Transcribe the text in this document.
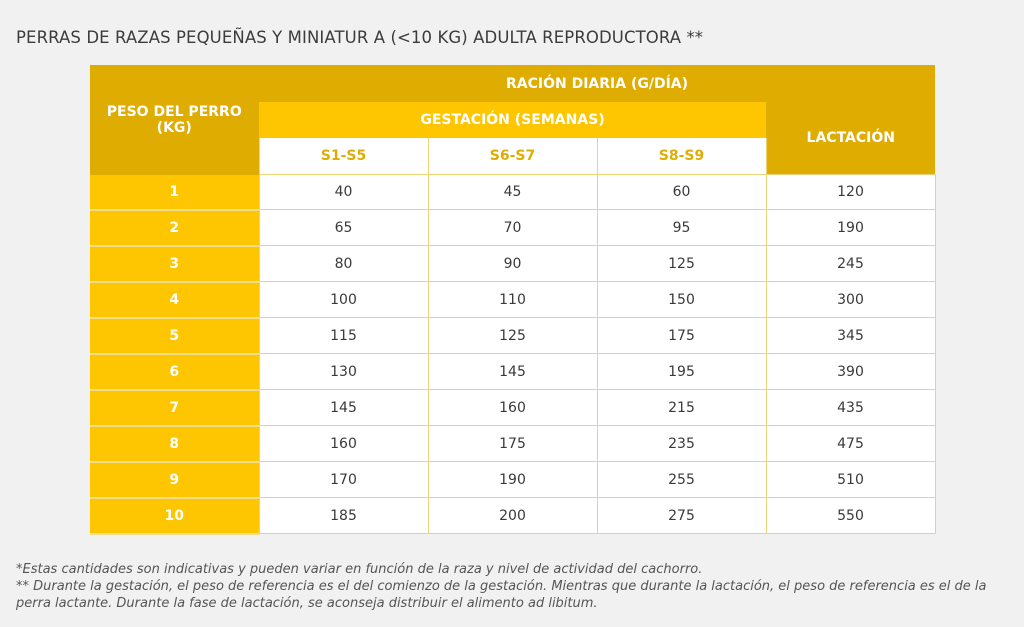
PERRAS DE RAZAS PEQUEÑAS Y MINIATUR A (<10 KG) ADULTA REPRODUCTORA **
PESO DEL PERRO (KG)	RACIÓN DIARIA (G/DÍA)			
	GESTACIÓN (SEMANAS)			LACTACIÓN
	S1-S5	S6-S7	S8-S9	
1	40	45	60	120
2	65	70	95	190
3	80	90	125	245
4	100	110	150	300
5	115	125	175	345
6	130	145	195	390
7	145	160	215	435
8	160	175	235	475
9	170	190	255	510
10	185	200	275	550

*Estas cantidades son indicativas y pueden variar en función de la raza y nivel de actividad del cachorro.

** Durante la gestación, el peso de referencia es el del comienzo de la gestación. Mientras que durante la lactación, el peso de referencia es el de la perra lactante. Durante la fase de lactación, se aconseja distribuir el alimento ad libitum.
